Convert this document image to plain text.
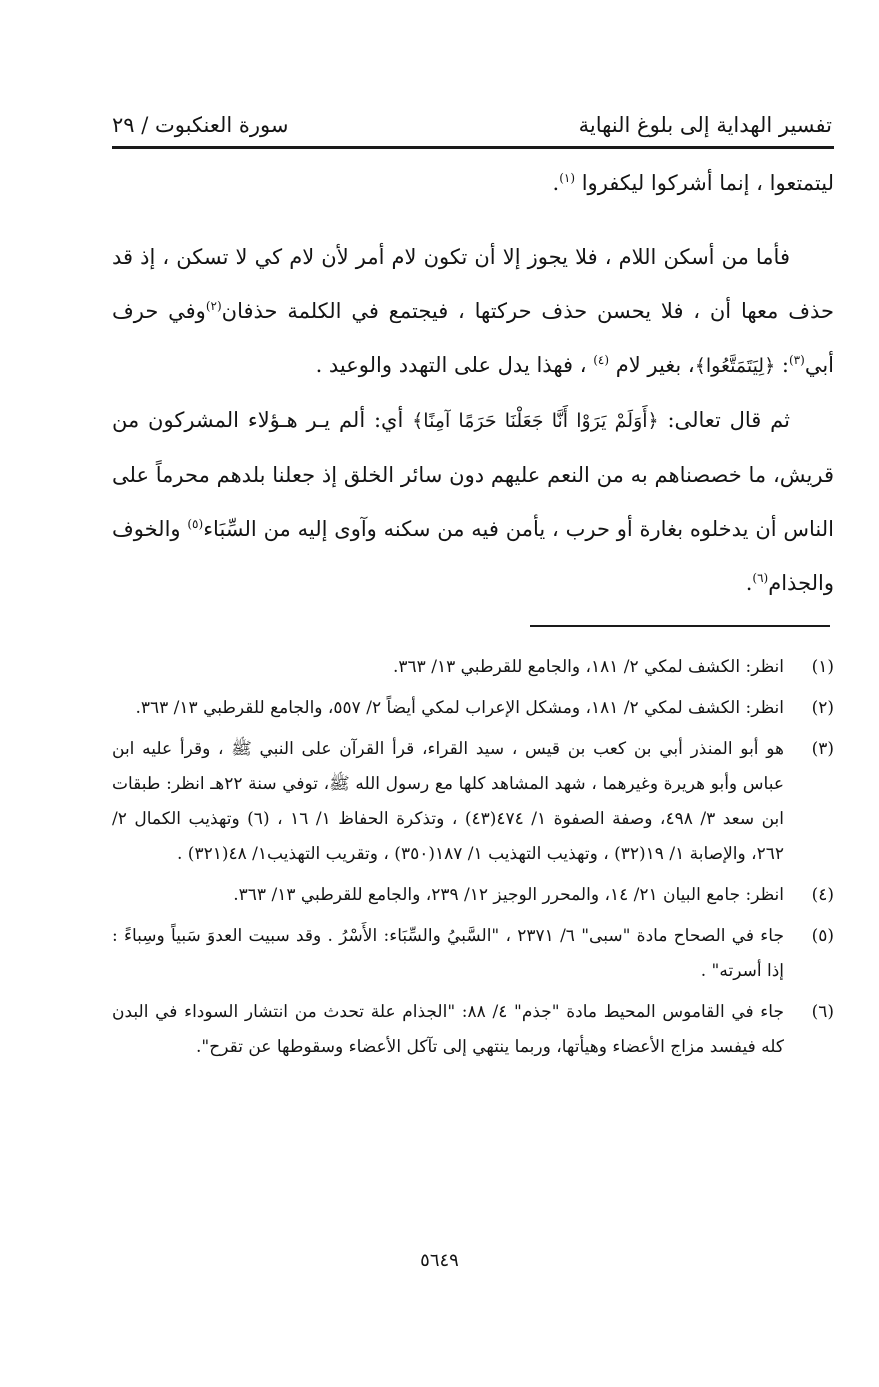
تفسير الهداية إلى بلوغ النهاية
سورة العنكبوت / ٢٩

ليتمتعوا ، إنما أشركوا ليكفروا $^{(١)}$.

فأما من أسكن اللام ، فلا يجوز إلا أن تكون لام أمر لأن لام كي لا تسكن ، إذ قد حذف معها أن ، فلا يحسن حذف حركتها ، فيجتمع في الكلمة حذفان$^{(٢)}$وفي حرف أبي$^{(٣)}$: ﴿لِيَتَمَتَّعُوا﴾، بغير لام $^{(٤)}$ ، فهذا يدل على التهدد والوعيد .

ثم قال تعالى: ﴿أَوَلَمْ يَرَوْا أَنَّا جَعَلْنَا حَرَمًا آمِنًا﴾ أي: ألم يـر هـؤلاء المشركون من قريش، ما خصصناهم به من النعم عليهم دون سائر الخلق إذ جعلنا بلدهم محرماً على الناس أن يدخلوه بغارة أو حرب ، يأمن فيه من سكنه وآوى إليه من السِّبَاء$^{(٥)}$ والخوف والجذام$^{(٦)}$.

(١)
انظر: الكشف لمكي ٢/ ١٨١، والجامع للقرطبي ١٣/ ٣٦٣.
(٢)
انظر: الكشف لمكي ٢/ ١٨١، ومشكل الإعراب لمكي أيضاً ٢/ ٥٥٧، والجامع للقرطبي ١٣/ ٣٦٣.
(٣)
هو أبو المنذر أبي بن كعب بن قيس ، سيد القراء، قرأ القرآن على النبي ﷺ ، وقرأ عليه ابن عباس وأبو هريرة وغيرهما ، شهد المشاهد كلها مع رسول الله ﷺ، توفي سنة ٢٢هـ انظر: طبقات ابن سعد ٣/ ٤٩٨، وصفة الصفوة ١/ ٤٧٤(٤٣) ، وتذكرة الحفاظ ١/ ١٦ ، (٦) وتهذيب الكمال ٢/ ٢٦٢، والإصابة ١/ ١٩(٣٢) ، وتهذيب التهذيب ١/ ١٨٧(٣٥٠) ، وتقريب التهذيب١/ ٤٨(٣٢١) .
(٤)
انظر: جامع البيان ٢١/ ١٤، والمحرر الوجيز ١٢/ ٢٣٩، والجامع للقرطبي ١٣/ ٣٦٣.
(٥)
جاء في الصحاح مادة "سبى" ٦/ ٢٣٧١ ، "السَّبيُ والسِّبَاء: الأَسْرُ . وقد سبيت العدوَ سَبياً وسِباءً : إذا أسرته" .
(٦)
جاء في القاموس المحيط مادة "جذم" ٤/ ٨٨: "الجذام علة تحدث من انتشار السوداء في البدن كله فيفسد مزاج الأعضاء وهيأتها، وربما ينتهي إلى تآكل الأعضاء وسقوطها عن تقرح".
٥٦٤٩
